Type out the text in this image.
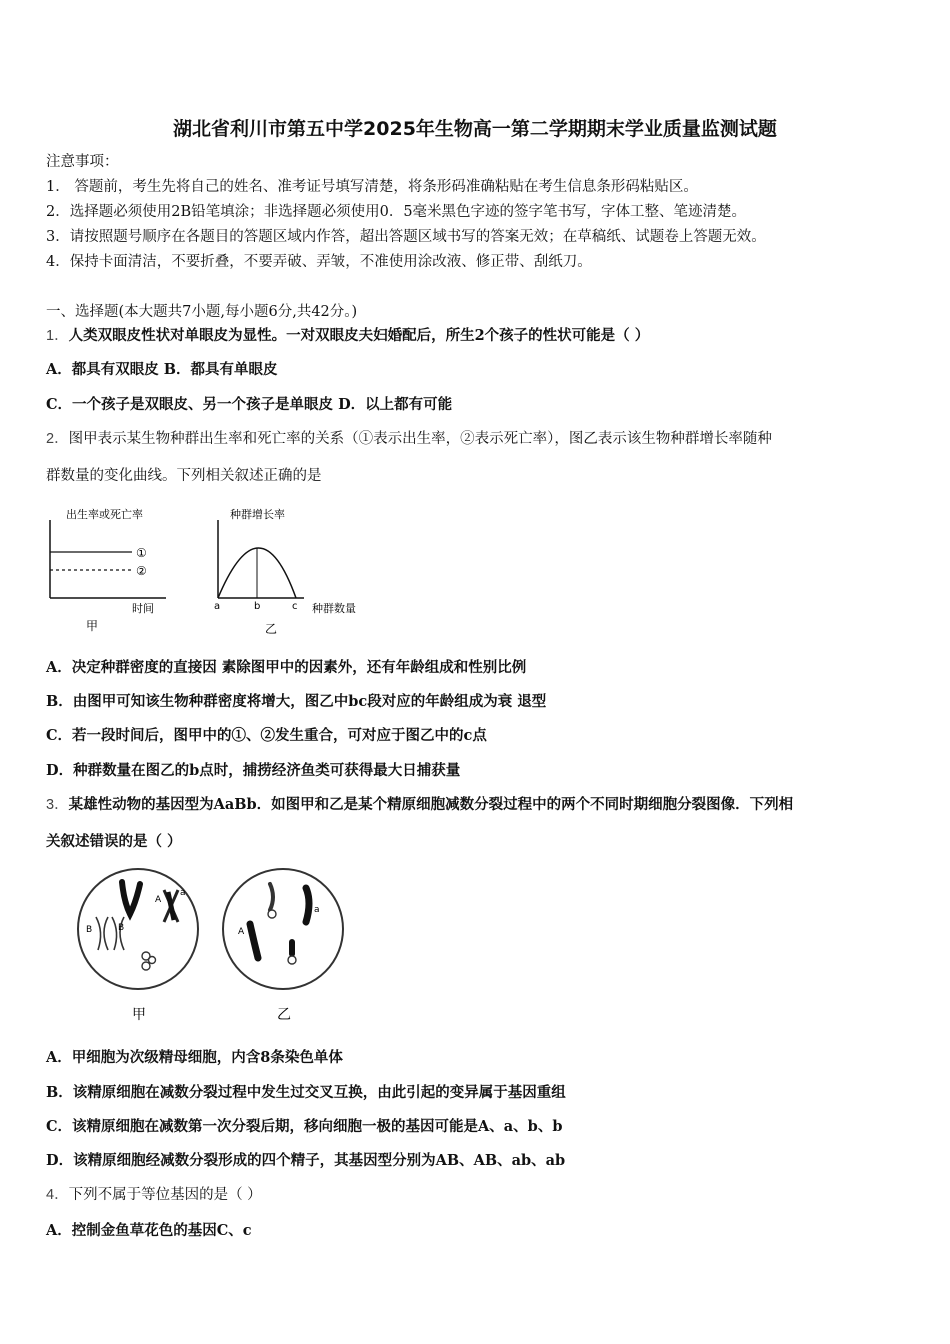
湖北省利川市第五中学2025年生物高一第二学期期末学业质量监测试题
注意事项：
1． 答题前，考生先将自己的姓名、准考证号填写清楚，将条形码准确粘贴在考生信息条形码粘贴区。
2．选择题必须使用2B铅笔填涂；非选择题必须使用0．5毫米黑色字迹的签字笔书写，字体工整、笔迹清楚。
3．请按照题号顺序在各题目的答题区域内作答，超出答题区域书写的答案无效；在草稿纸、试题卷上答题无效。
4．保持卡面清洁，不要折叠，不要弄破、弄皱，不准使用涂改液、修正带、刮纸刀。
一、选择题(本大题共7小题,每小题6分,共42分。)
1．人类双眼皮性状对单眼皮为显性。一对双眼皮夫妇婚配后，所生2个孩子的性状可能是（ ）
A．都具有双眼皮 B．都具有单眼皮
C．一个孩子是双眼皮、另一个孩子是单眼皮 D．以上都有可能
2．图甲表示某生物种群出生率和死亡率的关系（①表示出生率，②表示死亡率），图乙表示该生物种群增长率随种
群数量的变化曲线。下列相关叙述正确的是
出生率或死亡率
①
②
时间
甲
种群增长率
a	b	c 种群数量
乙
A．决定种群密度的直接因 素除图甲中的因素外，还有年龄组成和性别比例
B．由图甲可知该生物种群密度将增大，图乙中bc段对应的年龄组成为衰 退型
C．若一段时间后，图甲中的①、②发生重合，可对应于图乙中的c点
D．种群数量在图乙的b点时，捕捞经济鱼类可获得最大日捕获量
3．某雄性动物的基因型为AaBb．如图甲和乙是某个精原细胞减数分裂过程中的两个不同时期细胞分裂图像．下列相
关叙述错误的是（ ）
A
a
B	B
甲
a
A
乙
A．甲细胞为次级精母细胞，内含8条染色单体
B．该精原细胞在减数分裂过程中发生过交叉互换，由此引起的变异属于基因重组
C．该精原细胞在减数第一次分裂后期，移向细胞一极的基因可能是A、a、b、b
D．该精原细胞经减数分裂形成的四个精子，其基因型分别为AB、AB、ab、ab
4．下列不属于等位基因的是（ ）
A．控制金鱼草花色的基因C、c
